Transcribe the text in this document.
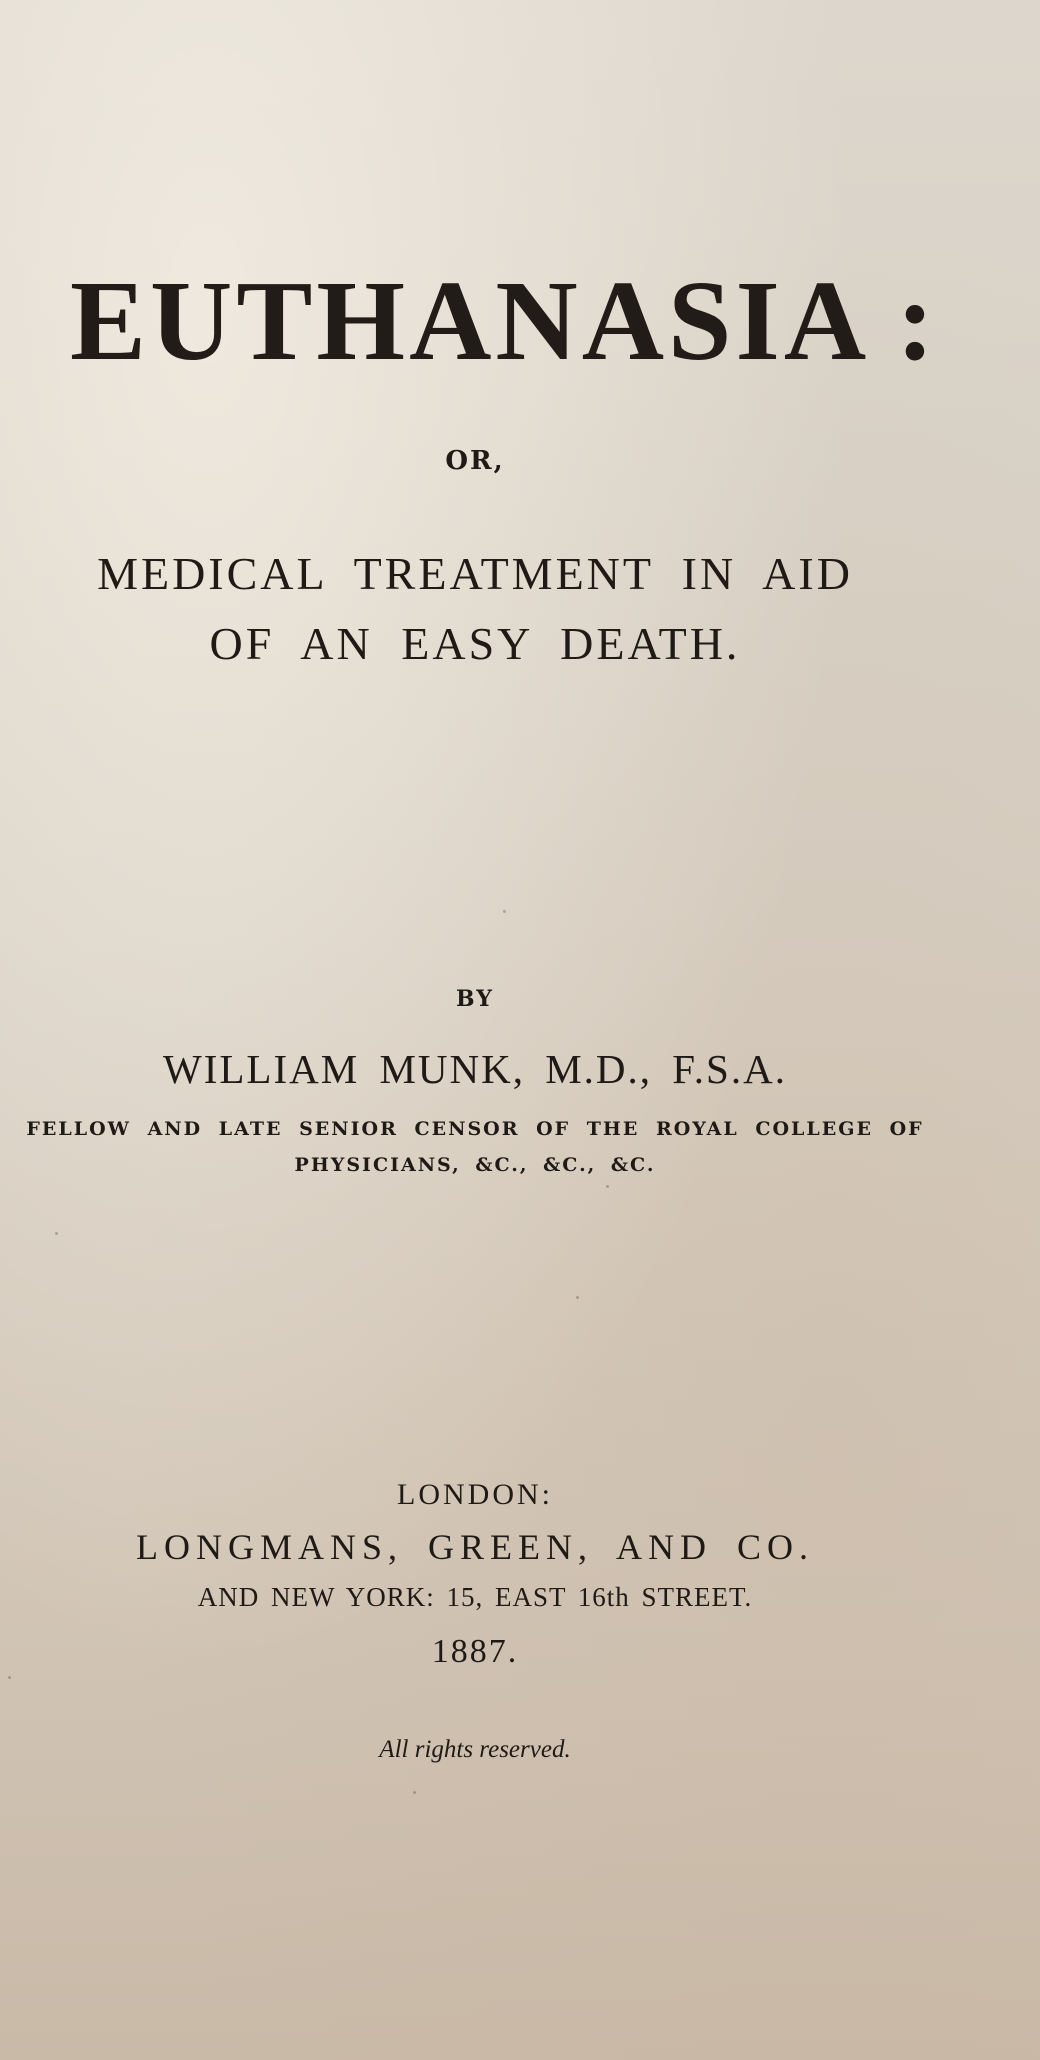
EUTHANASIA :

OR,

MEDICAL TREATMENT IN AID

OF AN EASY DEATH.

BY

WILLIAM MUNK, M.D., F.S.A.

FELLOW AND LATE SENIOR CENSOR OF THE ROYAL COLLEGE OF

PHYSICIANS, &C., &C., &C.

LONDON:

LONGMANS, GREEN, AND CO.

AND NEW YORK: 15, EAST 16th STREET.

1887.

All rights reserved.
